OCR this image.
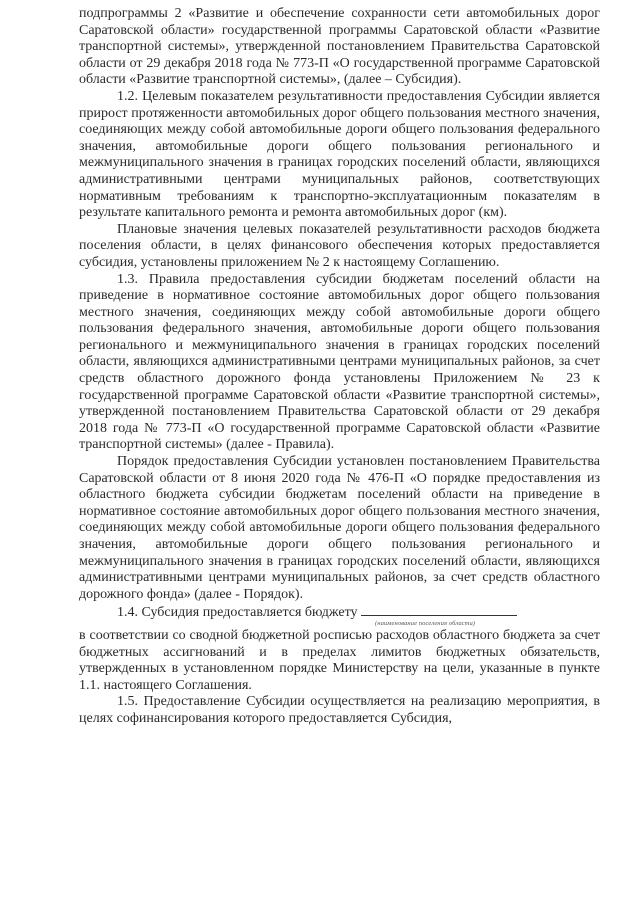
подпрограммы 2 «Развитие и обеспечение сохранности сети автомобильных дорог Саратовской области» государственной программы Саратовской области «Развитие транспортной системы», утвержденной постановлением Правительства Саратовской области от 29 декабря 2018 года № 773-П «О государственной программе Саратовской области «Развитие транспортной системы», (далее – Субсидия).

1.2. Целевым показателем результативности предоставления Субсидии является прирост протяженности автомобильных дорог общего пользования местного значения, соединяющих между собой автомобильные дороги общего пользования федерального значения, автомобильные дороги общего пользования регионального и межмуниципального значения в границах городских поселений области, являющихся административными центрами муниципальных районов, соответствующих нормативным требованиям к транспортно-эксплуатационным показателям в результате капитального ремонта и ремонта автомобильных дорог (км).

Плановые значения целевых показателей результативности расходов бюджета поселения области, в целях финансового обеспечения которых предоставляется субсидия, установлены приложением № 2 к настоящему Соглашению.

1.3. Правила предоставления субсидии бюджетам поселений области на приведение в нормативное состояние автомобильных дорог общего пользования местного значения, соединяющих между собой автомобильные дороги общего пользования федерального значения, автомобильные дороги общего пользования регионального и межмуниципального значения в границах городских поселений области, являющихся административными центрами муниципальных районов, за счет средств областного дорожного фонда установлены Приложением № 23 к государственной программе Саратовской области «Развитие транспортной системы», утвержденной постановлением Правительства Саратовской области от 29 декабря 2018 года № 773-П «О государственной программе Саратовской области «Развитие транспортной системы» (далее - Правила).

Порядок предоставления Субсидии установлен постановлением Правительства Саратовской области от 8 июня 2020 года № 476-П «О порядке предоставления из областного бюджета субсидии бюджетам поселений области на приведение в нормативное состояние автомобильных дорог общего пользования местного значения, соединяющих между собой автомобильные дороги общего пользования федерального значения, автомобильные дороги общего пользования регионального и межмуниципального значения в границах городских поселений области, являющихся административными центрами муниципальных районов, за счет средств областного дорожного фонда» (далее - Порядок).

1.4. Субсидия предоставляется бюджету

(наименование поселения области)

в соответствии со сводной бюджетной росписью расходов областного бюджета за счет бюджетных ассигнований и в пределах лимитов бюджетных обязательств, утвержденных в установленном порядке Министерству на цели, указанные в пункте 1.1. настоящего Соглашения.

1.5. Предоставление Субсидии осуществляется на реализацию мероприятия, в целях софинансирования которого предоставляется Субсидия,
